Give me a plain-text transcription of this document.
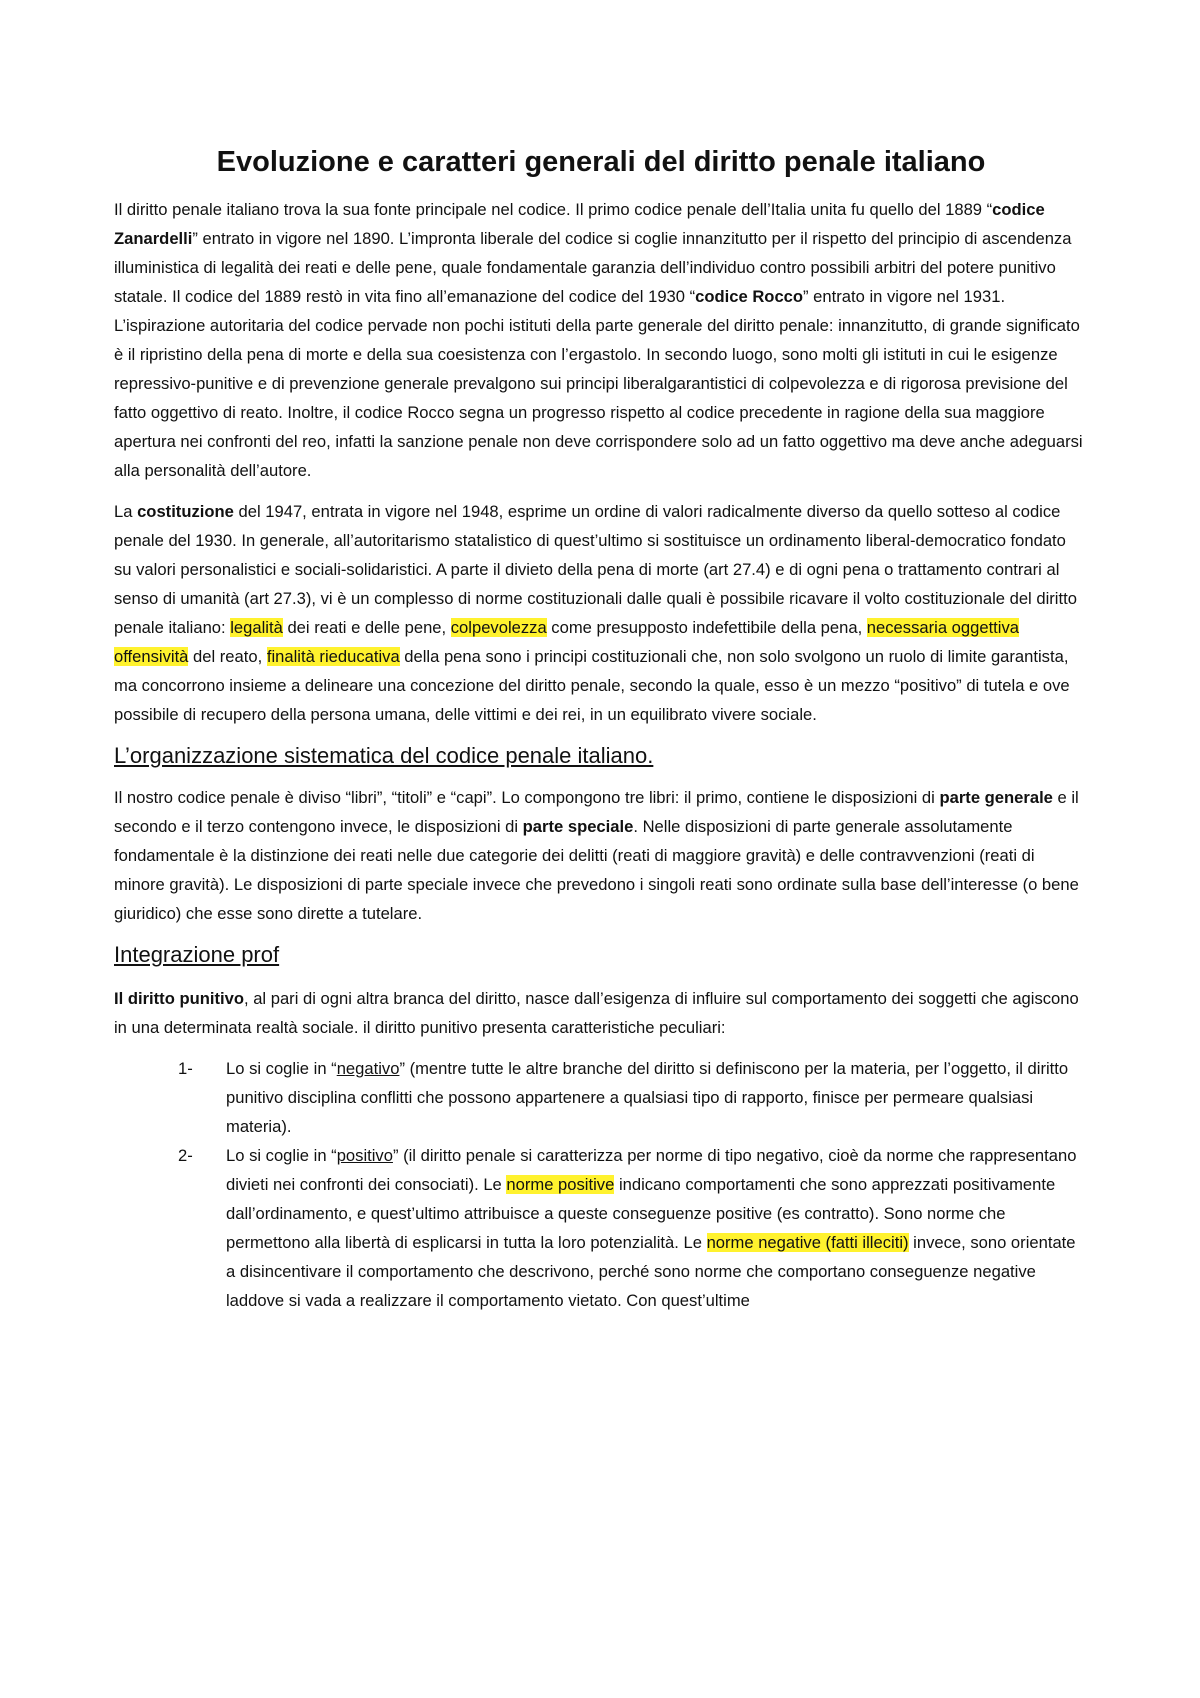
Evoluzione e caratteri generali del diritto penale italiano

Il diritto penale italiano trova la sua fonte principale nel codice. Il primo codice penale dell’Italia unita fu quello del 1889 “codice Zanardelli” entrato in vigore nel 1890. L’impronta liberale del codice si coglie innanzitutto per il rispetto del principio di ascendenza illuministica di legalità dei reati e delle pene, quale fondamentale garanzia dell’individuo contro possibili arbitri del potere punitivo statale. Il codice del 1889 restò in vita fino all’emanazione del codice del 1930 “codice Rocco” entrato in vigore nel 1931. L’ispirazione autoritaria del codice pervade non pochi istituti della parte generale del diritto penale: innanzitutto, di grande significato è il ripristino della pena di morte e della sua coesistenza con l’ergastolo. In secondo luogo, sono molti gli istituti in cui le esigenze repressivo-punitive e di prevenzione generale prevalgono sui principi liberalgarantistici di colpevolezza e di rigorosa previsione del fatto oggettivo di reato. Inoltre, il codice Rocco segna un progresso rispetto al codice precedente in ragione della sua maggiore apertura nei confronti del reo, infatti la sanzione penale non deve corrispondere solo ad un fatto oggettivo ma deve anche adeguarsi alla personalità dell’autore.

La costituzione del 1947, entrata in vigore nel 1948, esprime un ordine di valori radicalmente diverso da quello sotteso al codice penale del 1930. In generale, all’autoritarismo statalistico di quest’ultimo si sostituisce un ordinamento liberal-democratico fondato su valori personalistici e sociali-solidaristici. A parte il divieto della pena di morte (art 27.4) e di ogni pena o trattamento contrari al senso di umanità (art 27.3), vi è un complesso di norme costituzionali dalle quali è possibile ricavare il volto costituzionale del diritto penale italiano: legalità dei reati e delle pene, colpevolezza come presupposto indefettibile della pena, necessaria oggettiva offensività del reato, finalità rieducativa della pena sono i principi costituzionali che, non solo svolgono un ruolo di limite garantista, ma concorrono insieme a delineare una concezione del diritto penale, secondo la quale, esso è un mezzo “positivo” di tutela e ove possibile di recupero della persona umana, delle vittimi e dei rei, in un equilibrato vivere sociale.

L’organizzazione sistematica del codice penale italiano.

Il nostro codice penale è diviso “libri”, “titoli” e “capi”. Lo compongono tre libri: il primo, contiene le disposizioni di parte generale e il secondo e il terzo contengono invece, le disposizioni di parte speciale. Nelle disposizioni di parte generale assolutamente fondamentale è la distinzione dei reati nelle due categorie dei delitti (reati di maggiore gravità) e delle contravvenzioni (reati di minore gravità). Le disposizioni di parte speciale invece che prevedono i singoli reati sono ordinate sulla base dell’interesse (o bene giuridico) che esse sono dirette a tutelare.

Integrazione prof

Il diritto punitivo, al pari di ogni altra branca del diritto, nasce dall’esigenza di influire sul comportamento dei soggetti che agiscono in una determinata realtà sociale. il diritto punitivo presenta caratteristiche peculiari:

1- Lo si coglie in “negativo” (mentre tutte le altre branche del diritto si definiscono per la materia, per l’oggetto, il diritto punitivo disciplina conflitti che possono appartenere a qualsiasi tipo di rapporto, finisce per permeare qualsiasi materia).
2- Lo si coglie in “positivo” (il diritto penale si caratterizza per norme di tipo negativo, cioè da norme che rappresentano divieti nei confronti dei consociati). Le norme positive indicano comportamenti che sono apprezzati positivamente dall’ordinamento, e quest’ultimo attribuisce a queste conseguenze positive (es contratto). Sono norme che permettono alla libertà di esplicarsi in tutta la loro potenzialità. Le norme negative (fatti illeciti) invece, sono orientate a disincentivare il comportamento che descrivono, perché sono norme che comportano conseguenze negative laddove si vada a realizzare il comportamento vietato. Con quest’ultime
